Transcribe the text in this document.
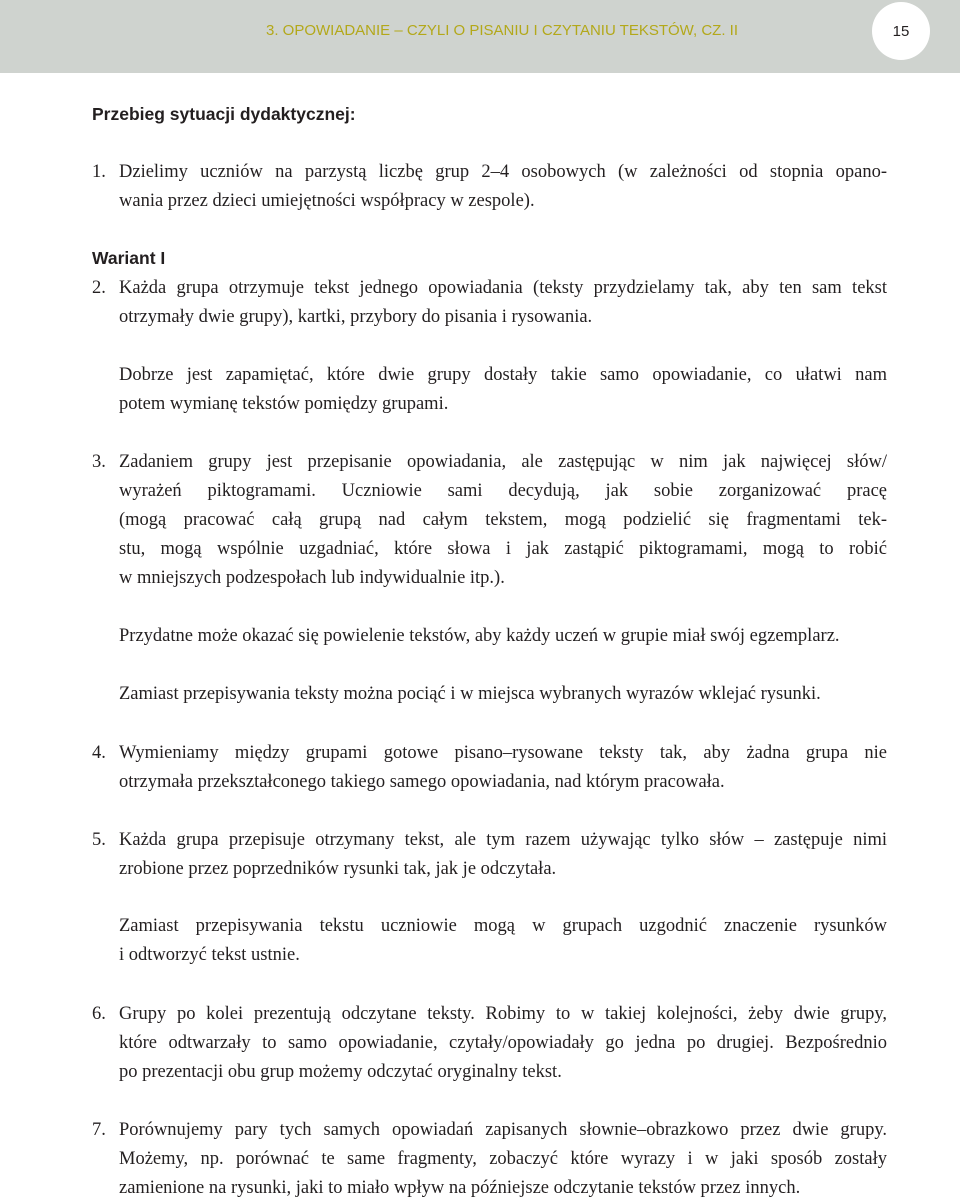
3. OPOWIADANIE – CZYLI O PISANIU I CZYTANIU TEKSTÓW, CZ. II	15
Przebieg sytuacji dydaktycznej:
1. Dzielimy uczniów na parzystą liczbę grup 2–4 osobowych (w zależności od stopnia opano-
wania przez dzieci umiejętności współpracy w zespole).
Wariant I
2. Każda grupa otrzymuje tekst jednego opowiadania (teksty przydzielamy tak, aby ten sam tekst
otrzymały dwie grupy), kartki, przybory do pisania i rysowania.
Dobrze jest zapamiętać, które dwie grupy dostały takie samo opowiadanie, co ułatwi nam
potem wymianę tekstów pomiędzy grupami.
3. Zadaniem grupy jest przepisanie opowiadania, ale zastępując w nim jak najwięcej słów/
wyrażeń piktogramami. Uczniowie sami decydują, jak sobie zorganizować pracę
(mogą pracować całą grupą nad całym tekstem, mogą podzielić się fragmentami tek-
stu, mogą wspólnie uzgadniać, które słowa i jak zastąpić piktogramami, mogą to robić
w mniejszych podzespołach lub indywidualnie itp.).
Przydatne może okazać się powielenie tekstów, aby każdy uczeń w grupie miał swój egzemplarz.
Zamiast przepisywania teksty można pociąć i w miejsca wybranych wyrazów wklejać rysunki.
4. Wymieniamy między grupami gotowe pisano–rysowane teksty tak, aby żadna grupa nie
otrzymała przekształconego takiego samego opowiadania, nad którym pracowała.
5. Każda grupa przepisuje otrzymany tekst, ale tym razem używając tylko słów – zastępuje nimi
zrobione przez poprzedników rysunki tak, jak je odczytała.
Zamiast przepisywania tekstu uczniowie mogą w grupach uzgodnić znaczenie rysunków
i odtworzyć tekst ustnie.
6. Grupy po kolei prezentują odczytane teksty. Robimy to w takiej kolejności, żeby dwie grupy,
które odtwarzały to samo opowiadanie, czytały/opowiadały go jedna po drugiej. Bezpośrednio
po prezentacji obu grup możemy odczytać oryginalny tekst.
7. Porównujemy pary tych samych opowiadań zapisanych słownie–obrazkowo przez dwie grupy.
Możemy, np. porównać te same fragmenty, zobaczyć które wyrazy i w jaki sposób zostały
zamienione na rysunki, jaki to miało wpływ na późniejsze odczytanie tekstów przez innych.
